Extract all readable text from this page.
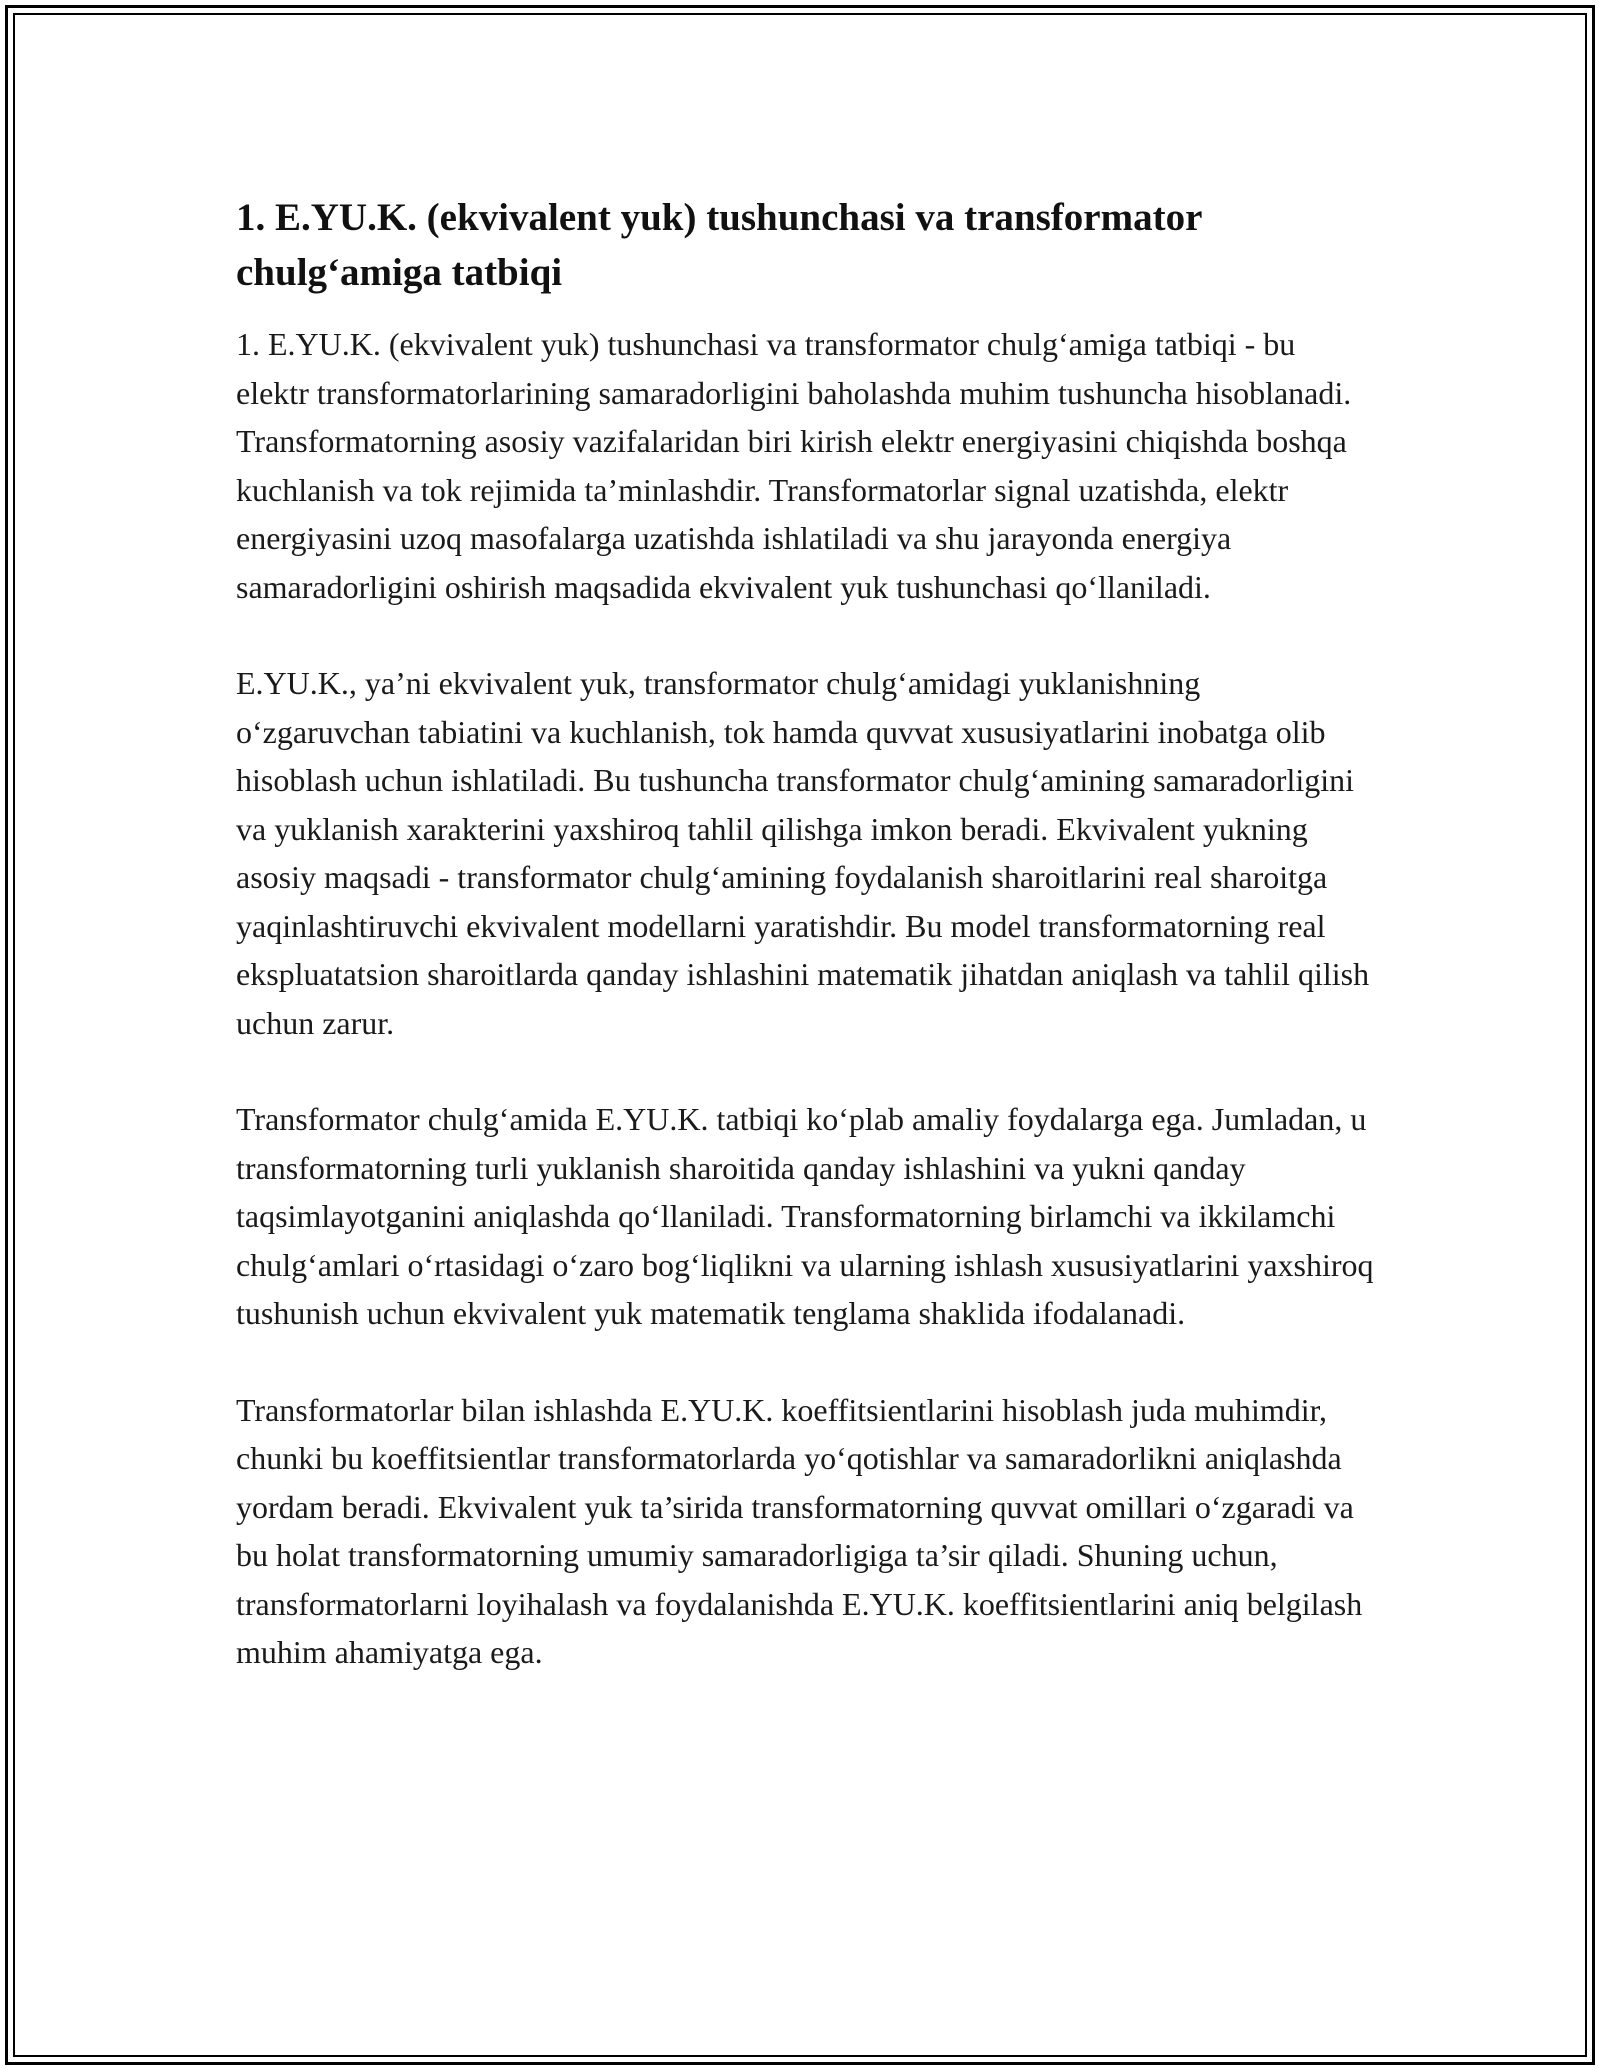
1. E.YU.K. (ekvivalent yuk) tushunchasi va transformator chulg‘amiga tatbiqi

1. E.YU.K. (ekvivalent yuk) tushunchasi va transformator chulg‘amiga tatbiqi - bu elektr transformatorlarining samaradorligini baholashda muhim tushuncha hisoblanadi. Transformatorning asosiy vazifalaridan biri kirish elektr energiyasini chiqishda boshqa kuchlanish va tok rejimida ta’minlashdir. Transformatorlar signal uzatishda, elektr energiyasini uzoq masofalarga uzatishda ishlatiladi va shu jarayonda energiya samaradorligini oshirish maqsadida ekvivalent yuk tushunchasi qo‘llaniladi.

E.YU.K., ya’ni ekvivalent yuk, transformator chulg‘amidagi yuklanishning o‘zgaruvchan tabiatini va kuchlanish, tok hamda quvvat xususiyatlarini inobatga olib hisoblash uchun ishlatiladi. Bu tushuncha transformator chulg‘amining samaradorligini va yuklanish xarakterini yaxshiroq tahlil qilishga imkon beradi. Ekvivalent yukning asosiy maqsadi - transformator chulg‘amining foydalanish sharoitlarini real sharoitga yaqinlashtiruvchi ekvivalent modellarni yaratishdir. Bu model transformatorning real ekspluatatsion sharoitlarda qanday ishlashini matematik jihatdan aniqlash va tahlil qilish uchun zarur.

Transformator chulg‘amida E.YU.K. tatbiqi ko‘plab amaliy foydalarga ega. Jumladan, u transformatorning turli yuklanish sharoitida qanday ishlashini va yukni qanday taqsimlayotganini aniqlashda qo‘llaniladi. Transformatorning birlamchi va ikkilamchi chulg‘amlari o‘rtasidagi o‘zaro bog‘liqlikni va ularning ishlash xususiyatlarini yaxshiroq tushunish uchun ekvivalent yuk matematik tenglama shaklida ifodalanadi.

Transformatorlar bilan ishlashda E.YU.K. koeffitsientlarini hisoblash juda muhimdir, chunki bu koeffitsientlar transformatorlarda yo‘qotishlar va samaradorlikni aniqlashda yordam beradi. Ekvivalent yuk ta’sirida transformatorning quvvat omillari o‘zgaradi va bu holat transformatorning umumiy samaradorligiga ta’sir qiladi. Shuning uchun, transformatorlarni loyihalash va foydalanishda E.YU.K. koeffitsientlarini aniq belgilash muhim ahamiyatga ega.
